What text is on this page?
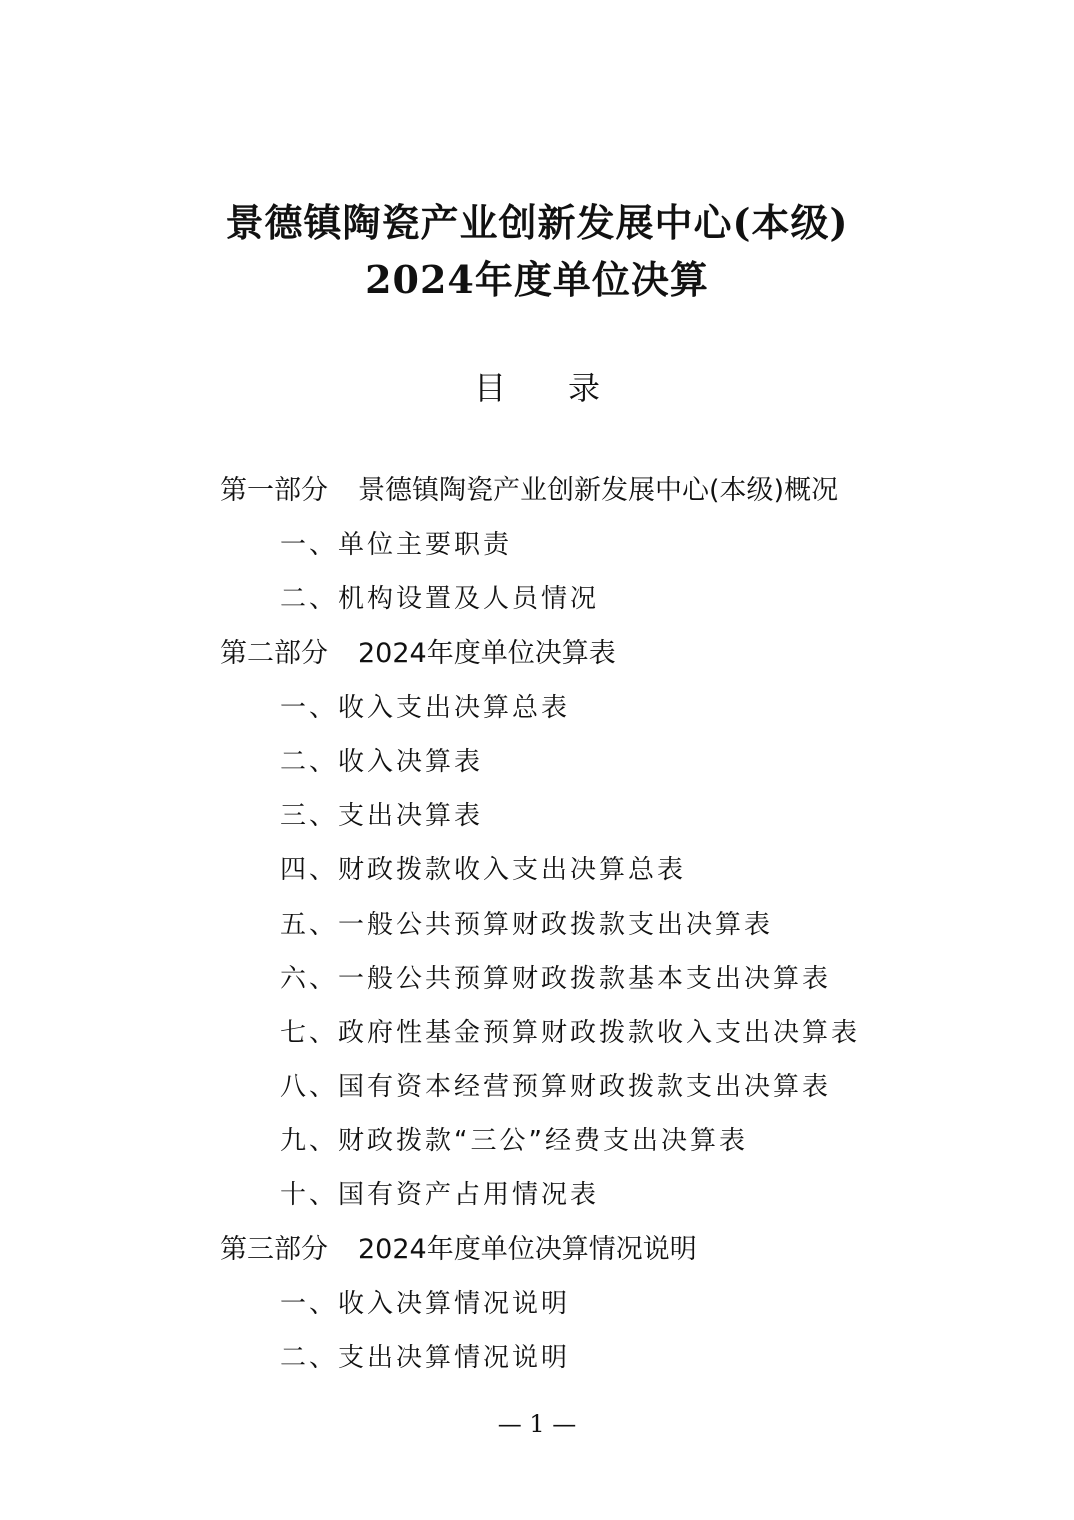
景德镇陶瓷产业创新发展中心(本级)
2024年度单位决算
目 录
第一部分 景德镇陶瓷产业创新发展中心(本级)概况
一、单位主要职责
二、机构设置及人员情况
第二部分 2024年度单位决算表
一、收入支出决算总表
二、收入决算表
三、支出决算表
四、财政拨款收入支出决算总表
五、一般公共预算财政拨款支出决算表
六、一般公共预算财政拨款基本支出决算表
七、政府性基金预算财政拨款收入支出决算表
八、国有资本经营预算财政拨款支出决算表
九、财政拨款“三公”经费支出决算表
十、国有资产占用情况表
第三部分 2024年度单位决算情况说明
一、收入决算情况说明
二、支出决算情况说明
— 1 —
